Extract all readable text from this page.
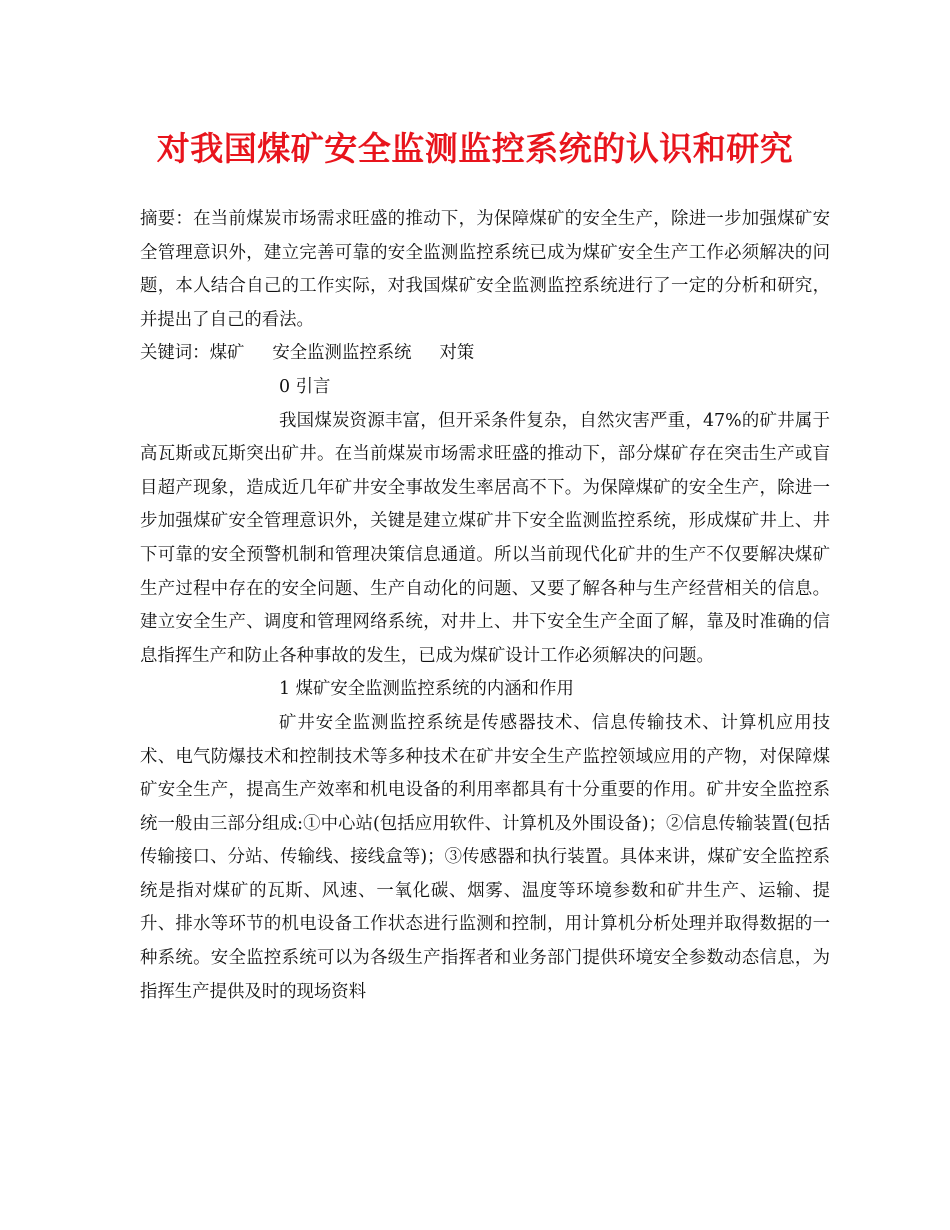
对我国煤矿安全监测监控系统的认识和研究

摘要：在当前煤炭市场需求旺盛的推动下，为保障煤矿的安全生产，除进一步加强煤矿安全管理意识外，建立完善可靠的安全监测监控系统已成为煤矿安全生产工作必须解决的问题，本人结合自己的工作实际，对我国煤矿安全监测监控系统进行了一定的分析和研究，并提出了自己的看法。

关键词：煤矿 安全监测监控系统 对策

0 引言

我国煤炭资源丰富，但开采条件复杂，自然灾害严重，47%的矿井属于高瓦斯或瓦斯突出矿井。在当前煤炭市场需求旺盛的推动下，部分煤矿存在突击生产或盲目超产现象，造成近几年矿井安全事故发生率居高不下。为保障煤矿的安全生产，除进一步加强煤矿安全管理意识外，关键是建立煤矿井下安全监测监控系统，形成煤矿井上、井下可靠的安全预警机制和管理决策信息通道。所以当前现代化矿井的生产不仅要解决煤矿生产过程中存在的安全问题、生产自动化的问题、又要了解各种与生产经营相关的信息。建立安全生产、调度和管理网络系统，对井上、井下安全生产全面了解，靠及时准确的信息指挥生产和防止各种事故的发生，已成为煤矿设计工作必须解决的问题。

1 煤矿安全监测监控系统的内涵和作用

矿井安全监测监控系统是传感器技术、信息传输技术、计算机应用技术、电气防爆技术和控制技术等多种技术在矿井安全生产监控领域应用的产物，对保障煤矿安全生产，提高生产效率和机电设备的利用率都具有十分重要的作用。矿井安全监控系统一般由三部分组成:①中心站(包括应用软件、计算机及外围设备)；②信息传输装置(包括传输接口、分站、传输线、接线盒等)；③传感器和执行装置。具体来讲，煤矿安全监控系统是指对煤矿的瓦斯、风速、一氧化碳、烟雾、温度等环境参数和矿井生产、运输、提升、排水等环节的机电设备工作状态进行监测和控制，用计算机分析处理并取得数据的一种系统。安全监控系统可以为各级生产指挥者和业务部门提供环境安全参数动态信息，为指挥生产提供及时的现场资料
